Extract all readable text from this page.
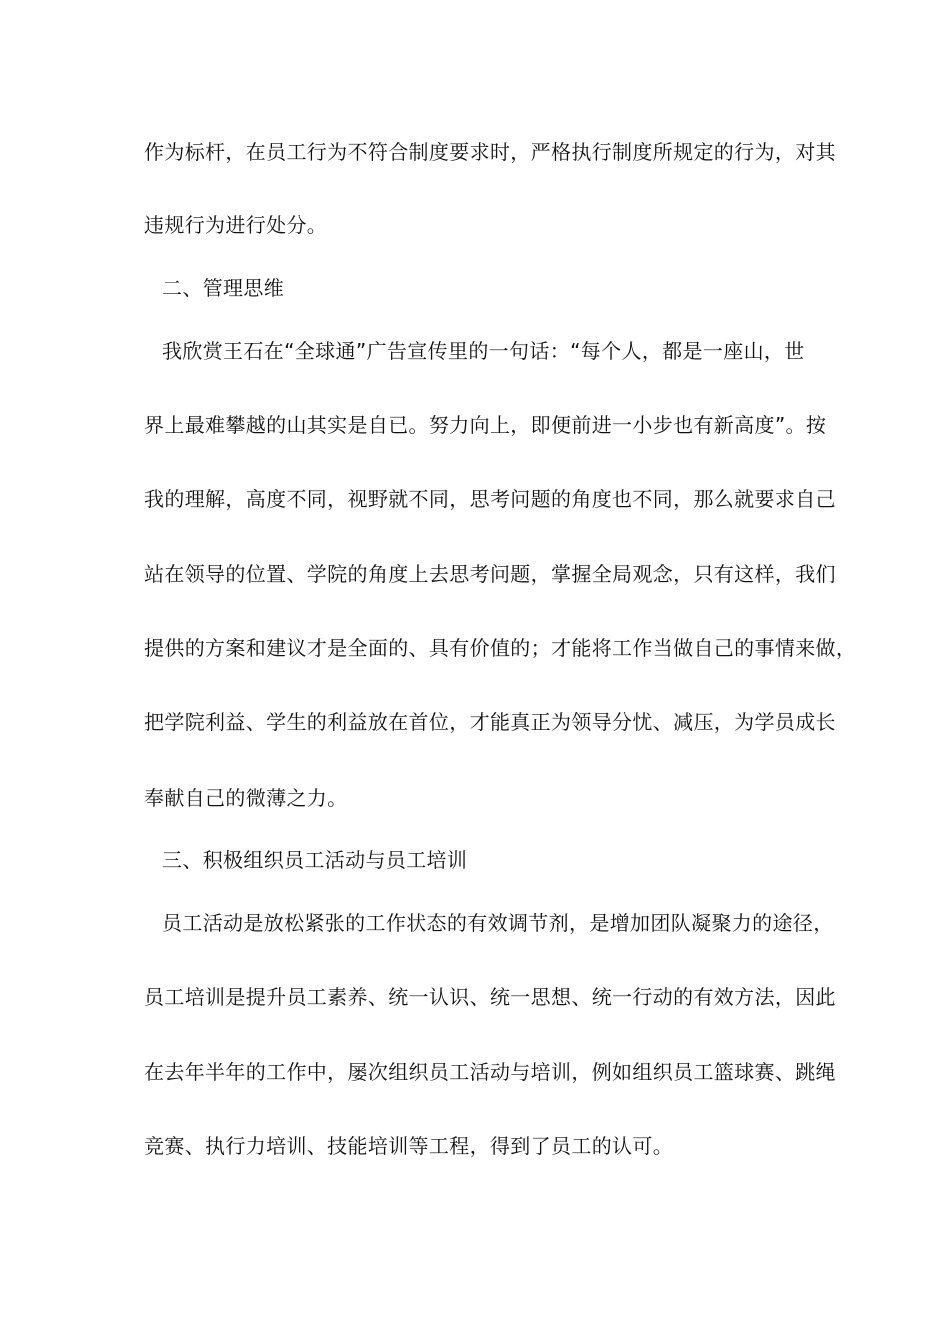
作为标杆，在员工行为不符合制度要求时，严格执行制度所规定的行为，对其
违规行为进行处分。
二、管理思维
我欣赏王石在“全球通”广告宣传里的一句话：“每个人，都是一座山，世
界上最难攀越的山其实是自已。努力向上，即便前进一小步也有新高度”。按
我的理解，高度不同，视野就不同，思考问题的角度也不同，那么就要求自己
站在领导的位置、学院的角度上去思考问题，掌握全局观念，只有这样，我们
提供的方案和建议才是全面的、具有价值的；才能将工作当做自己的事情来做，
把学院利益、学生的利益放在首位，才能真正为领导分忧、减压，为学员成长
奉献自己的微薄之力。
三、积极组织员工活动与员工培训
员工活动是放松紧张的工作状态的有效调节剂，是增加团队凝聚力的途径，
员工培训是提升员工素养、统一认识、统一思想、统一行动的有效方法，因此
在去年半年的工作中，屡次组织员工活动与培训，例如组织员工篮球赛、跳绳
竞赛、执行力培训、技能培训等工程，得到了员工的认可。
